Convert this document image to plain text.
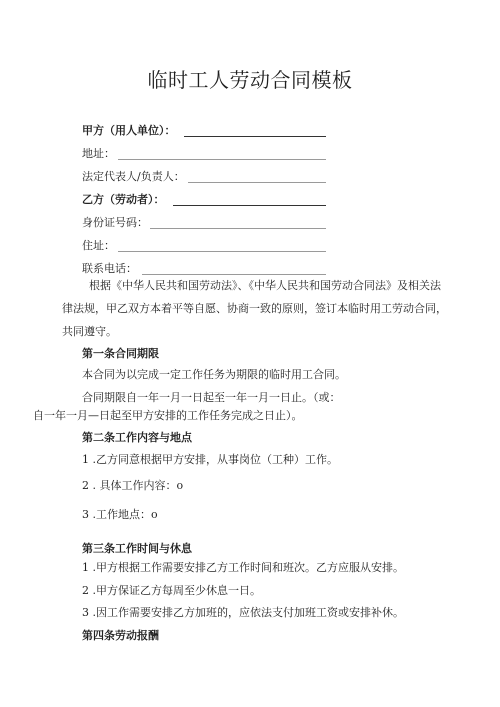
临时工人劳动合同模板
甲方（用人单位）：
地址：
法定代表人/负责人：
乙方（劳动者）：
身份证号码：
住址：
联系电话：
根据《中华人民共和国劳动法》、《中华人民共和国劳动合同法》及相关法
律法规，甲乙双方本着平等自愿、协商一致的原则，签订本临时用工劳动合同，
共同遵守。
第一条合同期限
本合同为以完成一定工作任务为期限的临时用工合同。
合同期限自一年一月一日起至一年一月一日止。（或：
自一年一月—日起至甲方安排的工作任务完成之日止）。
第二条工作内容与地点
1 .乙方同意根据甲方安排，从事岗位（工种）工作。
2 . 具体工作内容：o
3 .工作地点：o
第三条工作时间与休息
1 .甲方根据工作需要安排乙方工作时间和班次。乙方应服从安排。
2 .甲方保证乙方每周至少休息一日。
3 .因工作需要安排乙方加班的，应依法支付加班工资或安排补休。
第四条劳动报酬
